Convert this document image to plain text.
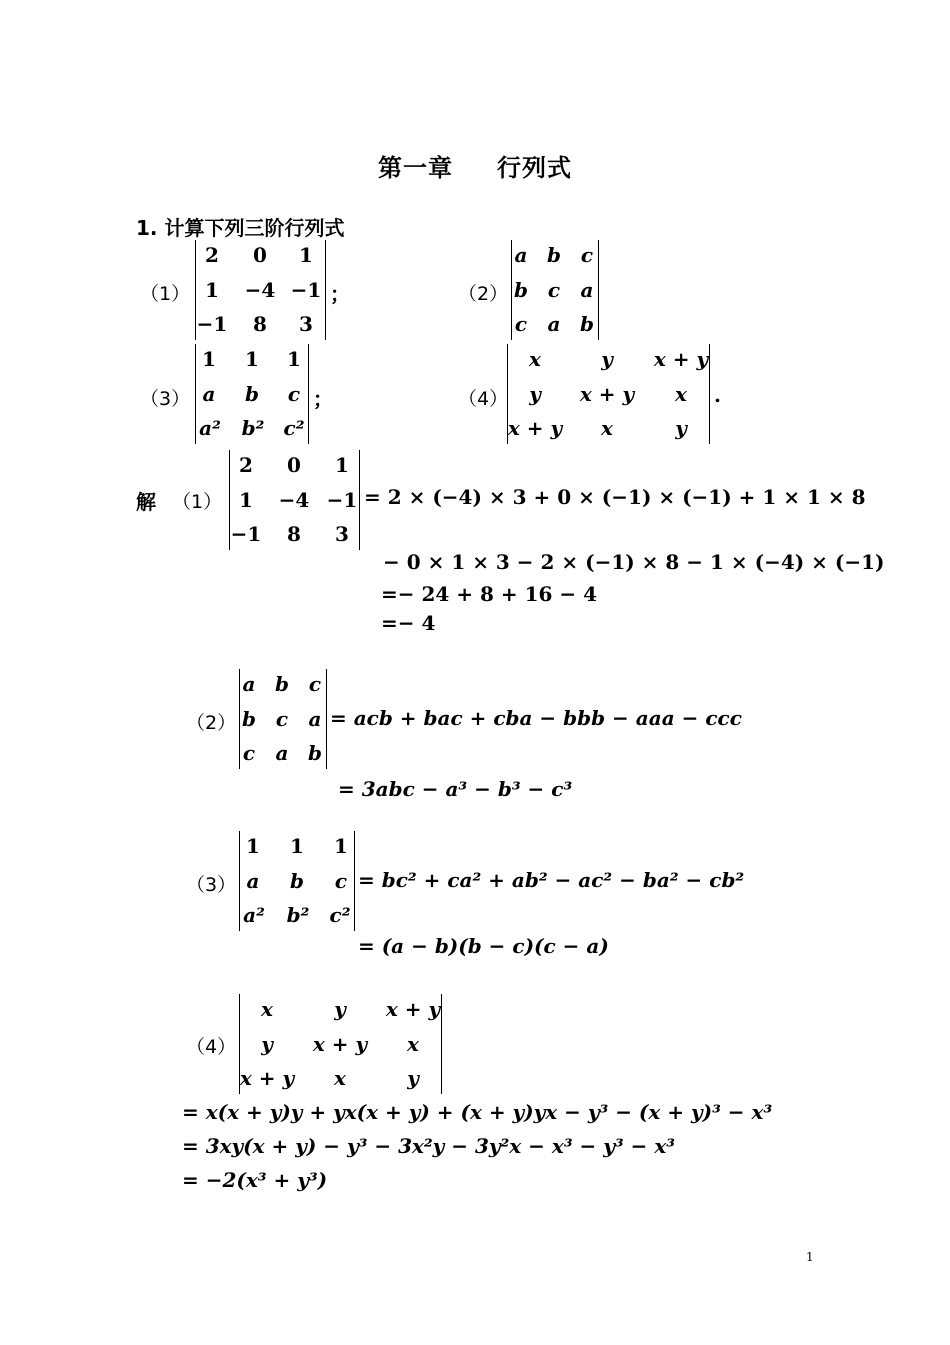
第一章 行列式
1. 计算下列三阶行列式
（1）
2	0	1
1	−4 −1
−1	8	3
；	（2）
a b c
b c	a
c	a b
（3）
1	1	1
a	b	c
a²	b² c²
；	（4）
x	y	x + y
y	x + y	x
x + y	x	y
.
解 （1）
2	0	1
1	−4 −1
−1	8	3
= 2 × (−4) × 3 + 0 × (−1) × (−1) + 1 × 1 × 8
− 0 × 1 × 3 − 2 × (−1) × 8 − 1 × (−4) × (−1)
=− 24 + 8 + 16 − 4
=− 4
（2）
a b c
b c	a
c	a b
= acb + bac + cba − bbb − aaa − ccc
= 3abc − a³ − b³ − c³
（3）
1	1	1
a	b	c
a²	b²	c²
= bc² + ca² + ab² − ac² − ba² − cb²
= (a − b)(b − c)(c − a)
（4）
x	y	x + y
y	x + y	x
x + y	x	y
= x(x + y)y + yx(x + y) + (x + y)yx − y³ − (x + y)³ − x³
= 3xy(x + y) − y³ − 3x²y − 3y²x − x³ − y³ − x³
= −2(x³ + y³)
1
